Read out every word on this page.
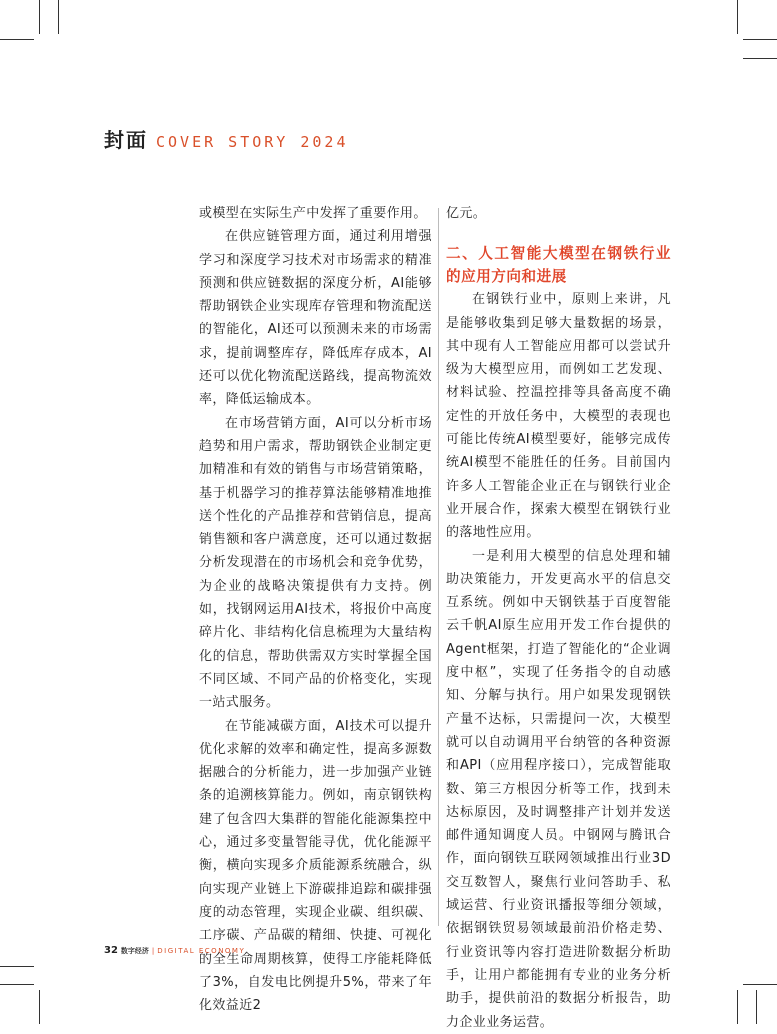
封面 COVER STORY 2024

或模型在实际生产中发挥了重要作用。

在供应链管理方面，通过利用增强学习和深度学习技术对市场需求的精准预测和供应链数据的深度分析，AI能够帮助钢铁企业实现库存管理和物流配送的智能化，AI还可以预测未来的市场需求，提前调整库存，降低库存成本，AI还可以优化物流配送路线，提高物流效率，降低运输成本。

在市场营销方面，AI可以分析市场趋势和用户需求，帮助钢铁企业制定更加精准和有效的销售与市场营销策略，基于机器学习的推荐算法能够精准地推送个性化的产品推荐和营销信息，提高销售额和客户满意度，还可以通过数据分析发现潜在的市场机会和竞争优势，为企业的战略决策提供有力支持。例如，找钢网运用AI技术，将报价中高度碎片化、非结构化信息梳理为大量结构化的信息，帮助供需双方实时掌握全国不同区域、不同产品的价格变化，实现一站式服务。

在节能减碳方面，AI技术可以提升优化求解的效率和确定性，提高多源数据融合的分析能力，进一步加强产业链条的追溯核算能力。例如，南京钢铁构建了包含四大集群的智能化能源集控中心，通过多变量智能寻优，优化能源平衡，横向实现多介质能源系统融合，纵向实现产业链上下游碳排追踪和碳排强度的动态管理，实现企业碳、组织碳、工序碳、产品碳的精细、快捷、可视化的全生命周期核算，使得工序能耗降低了3%，自发电比例提升5%，带来了年化效益近2

亿元。

二、人工智能大模型在钢铁行业的应用方向和进展

在钢铁行业中，原则上来讲，凡是能够收集到足够大量数据的场景，其中现有人工智能应用都可以尝试升级为大模型应用，而例如工艺发现、材料试验、控温控排等具备高度不确定性的开放任务中，大模型的表现也可能比传统AI模型要好，能够完成传统AI模型不能胜任的任务。目前国内许多人工智能企业正在与钢铁行业企业开展合作，探索大模型在钢铁行业的落地性应用。

一是利用大模型的信息处理和辅助决策能力，开发更高水平的信息交互系统。例如中天钢铁基于百度智能云千帆AI原生应用开发工作台提供的Agent框架，打造了智能化的“企业调度中枢”，实现了任务指令的自动感知、分解与执行。用户如果发现钢铁产量不达标，只需提问一次，大模型就可以自动调用平台纳管的各种资源和API（应用程序接口），完成智能取数、第三方根因分析等工作，找到未达标原因，及时调整排产计划并发送邮件通知调度人员。中钢网与腾讯合作，面向钢铁互联网领域推出行业3D交互数智人，聚焦行业问答助手、私域运营、行业资讯播报等细分领域，依据钢铁贸易领域最前沿价格走势、行业资讯等内容打造进阶数据分析助手，让用户都能拥有专业的业务分析助手，提供前沿的数据分析报告，助力企业业务运营。

32 数字经济 | DIGITAL ECONOMY
